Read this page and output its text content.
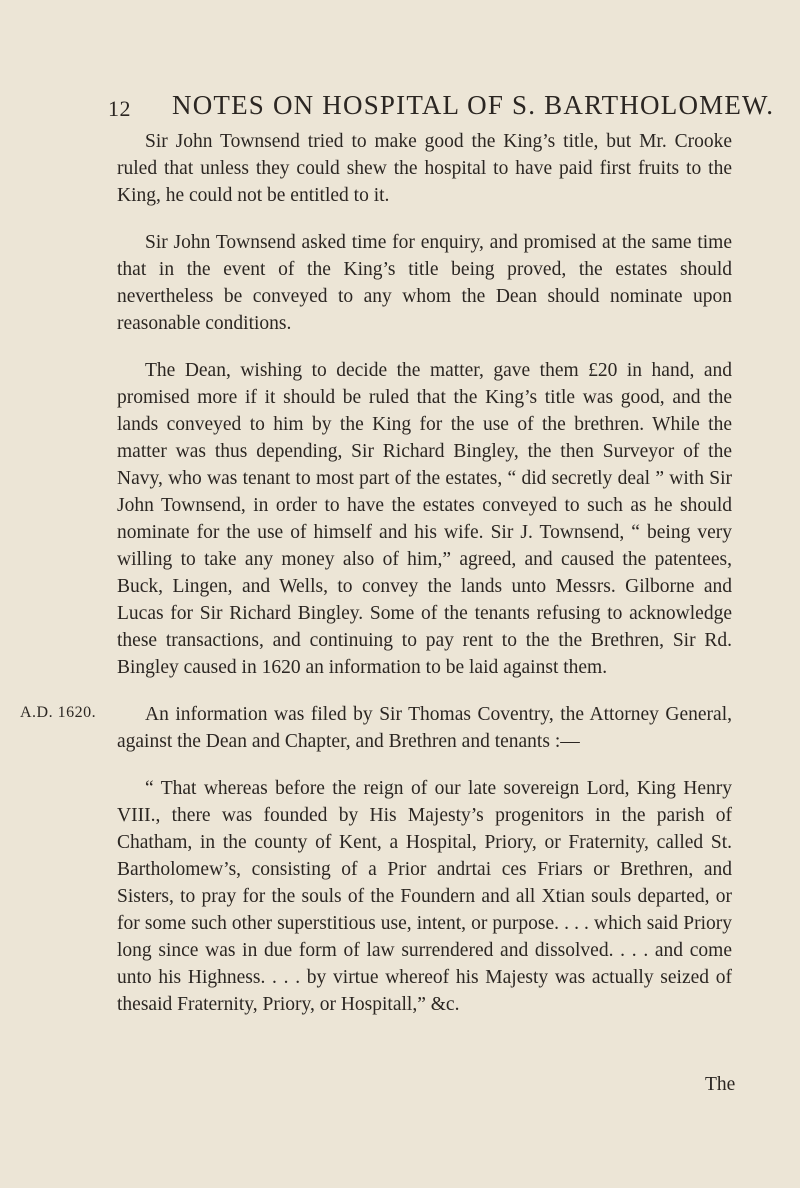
12 NOTES ON HOSPITAL OF S. BARTHOLOMEW.

Sir John Townsend tried to make good the King’s title, but Mr. Crooke ruled that unless they could shew the hospital to have paid first fruits to the King, he could not be entitled to it.

Sir John Townsend asked time for enquiry, and promised at the same time that in the event of the King’s title being proved, the estates should nevertheless be conveyed to any whom the Dean should nominate upon reasonable conditions.

The Dean, wishing to decide the matter, gave them £20 in hand, and promised more if it should be ruled that the King’s title was good, and the lands conveyed to him by the King for the use of the brethren. While the matter was thus depending, Sir Richard Bingley, the then Surveyor of the Navy, who was tenant to most part of the estates, “ did secretly deal ” with Sir John Townsend, in order to have the estates conveyed to such as he should nominate for the use of himself and his wife. Sir J. Townsend, “ being very willing to take any money also of him,” agreed, and caused the patentees, Buck, Lingen, and Wells, to convey the lands unto Messrs. Gilborne and Lucas for Sir Richard Bingley. Some of the tenants refusing to acknowledge these transactions, and continuing to pay rent to the the Brethren, Sir Rd. Bingley caused in 1620 an information to be laid against them.

An information was filed by Sir Thomas Coventry, the Attorney General, against the Dean and Chapter, and Brethren and tenants :—

“ That whereas before the reign of our late sovereign Lord, King Henry VIII., there was founded by His Majesty’s progenitors in the parish of Chatham, in the county of Kent, a Hospital, Priory, or Fraternity, called St. Bartholomew’s, consisting of a Prior andrtai ces Friars or Brethren, and Sisters, to pray for the souls of the Foundern and all Xtian souls departed, or for some such other superstitious use, intent, or purpose. . . . which said Priory long since was in due form of law surrendered and dissolved. . . . and come unto his Highness. . . . by virtue whereof his Majesty was actually seized of thesaid Fraternity, Priory, or Hospitall,” &c.

A.D. 1620.
The
